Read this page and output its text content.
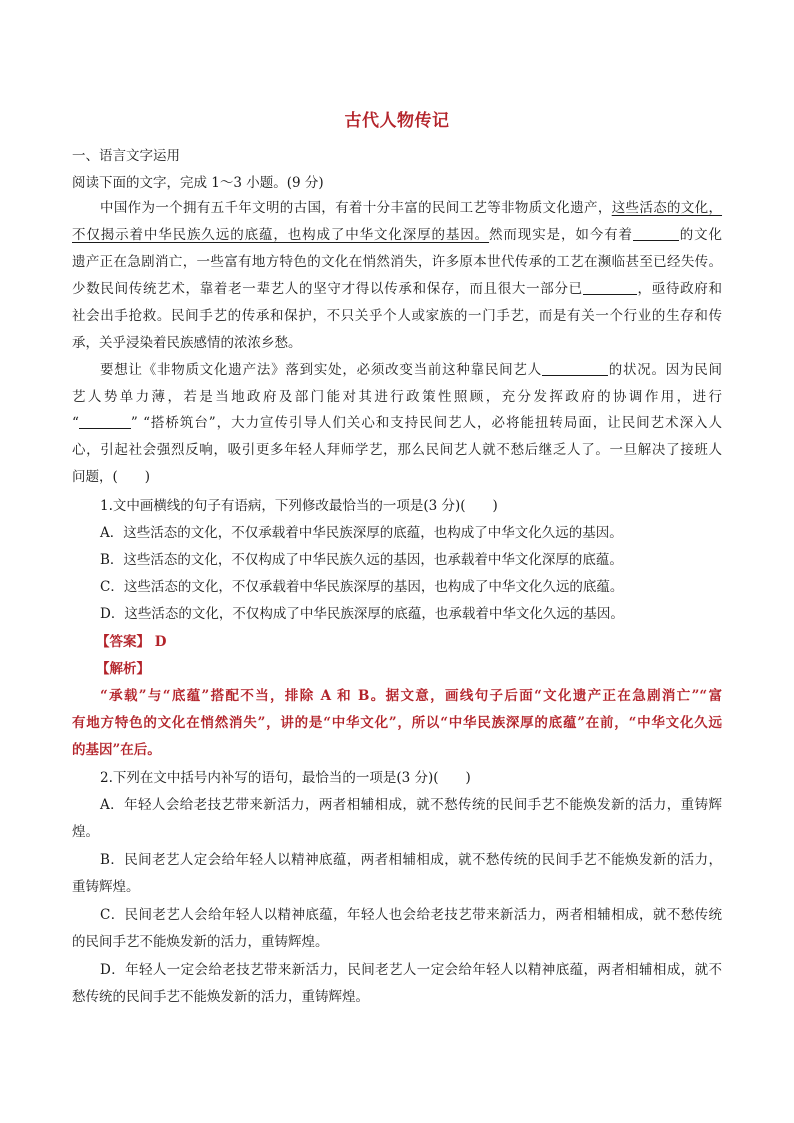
古代人物传记
一、语言文字运用
阅读下面的文字，完成 1～3 小题。(9 分)
中国作为一个拥有五千年文明的古国，有着十分丰富的民间工艺等非物质文化遗产，这些活态的文化，
不仅揭示着中华民族久远的底蕴，也构成了中华文化深厚的基因。然而现实是，如今有着	的文化
遗产正在急剧消亡，一些富有地方特色的文化在悄然消失，许多原本世代传承的工艺在濒临甚至已经失传。
少数民间传统艺术，靠着老一辈艺人的坚守才得以传承和保存，而且很大一部分已	，亟待政府和
社会出手抢救。民间手艺的传承和保护，不只关乎个人或家族的一门手艺，而是有关一个行业的生存和传
承，关乎浸染着民族感情的浓浓乡愁。
要想让《非物质文化遗产法》落到实处，必须改变当前这种靠民间艺人	的状况。因为民间
艺人势单力薄，若是当地政府及部门能对其进行政策性照顾，充分发挥政府的协调作用，进行
“	” “搭桥筑台”，大力宣传引导人们关心和支持民间艺人，必将能扭转局面，让民间艺术深入人
心，引起社会强烈反响，吸引更多年轻人拜师学艺，那么民间艺人就不愁后继乏人了。一旦解决了接班人
问题，(　　)
1.文中画横线的句子有语病，下列修改最恰当的一项是(3 分)(　　)
A．这些活态的文化，不仅承载着中华民族深厚的底蕴，也构成了中华文化久远的基因。
B．这些活态的文化，不仅构成了中华民族久远的基因，也承载着中华文化深厚的底蕴。
C．这些活态的文化，不仅承载着中华民族深厚的基因，也构成了中华文化久远的底蕴。
D．这些活态的文化，不仅构成了中华民族深厚的底蕴，也承载着中华文化久远的基因。
【答案】 D
【解析】
“承载”与“底蕴”搭配不当，排除 A 和 B。据文意，画线句子后面“文化遗产正在急剧消亡”“富
有地方特色的文化在悄然消失”，讲的是“中华文化”，所以“中华民族深厚的底蕴”在前，“中华文化久远
的基因”在后。
2.下列在文中括号内补写的语句，最恰当的一项是(3 分)(　　)
A．年轻人会给老技艺带来新活力，两者相辅相成，就不愁传统的民间手艺不能焕发新的活力，重铸辉
煌。
B．民间老艺人定会给年轻人以精神底蕴，两者相辅相成，就不愁传统的民间手艺不能焕发新的活力，
重铸辉煌。
C．民间老艺人会给年轻人以精神底蕴，年轻人也会给老技艺带来新活力，两者相辅相成，就不愁传统
的民间手艺不能焕发新的活力，重铸辉煌。
D．年轻人一定会给老技艺带来新活力，民间老艺人一定会给年轻人以精神底蕴，两者相辅相成，就不
愁传统的民间手艺不能焕发新的活力，重铸辉煌。
